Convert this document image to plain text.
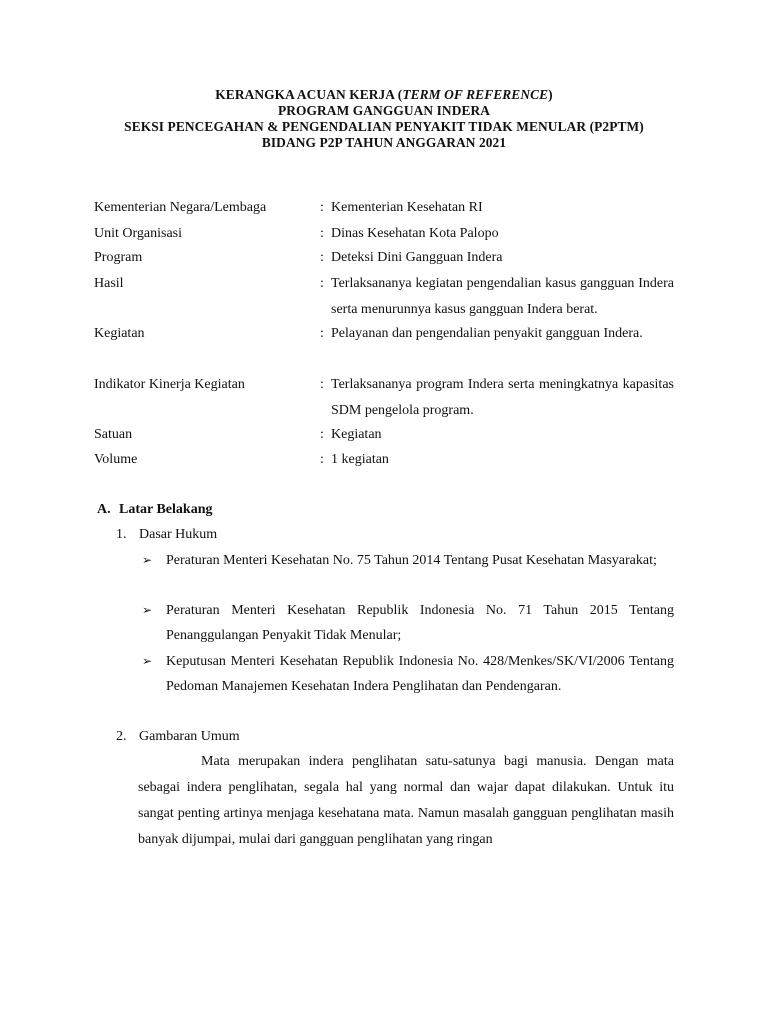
KERANGKA ACUAN KERJA (TERM OF REFERENCE)
PROGRAM GANGGUAN INDERA
SEKSI PENCEGAHAN & PENGENDALIAN PENYAKIT TIDAK MENULAR (P2PTM)
BIDANG P2P TAHUN ANGGARAN 2021
Kementerian Negara/Lembaga	: Kementerian Kesehatan RI
Unit Organisasi	: Dinas Kesehatan Kota Palopo
Program	: Deteksi Dini Gangguan Indera
Hasil	: Terlaksananya kegiatan pengendalian kasus gangguan Indera serta menurunnya kasus gangguan Indera berat.
Kegiatan	: Pelayanan dan pengendalian penyakit gangguan Indera.
Indikator Kinerja Kegiatan	: Terlaksananya program Indera serta meningkatnya kapasitas SDM pengelola program.
Satuan	: Kegiatan
Volume	: 1 kegiatan
A. Latar Belakang
1. Dasar Hukum
➢ Peraturan Menteri Kesehatan No. 75 Tahun 2014 Tentang Pusat Kesehatan Masyarakat;
➢ Peraturan Menteri Kesehatan Republik Indonesia No. 71 Tahun 2015 Tentang Penanggulangan Penyakit Tidak Menular;
➢ Keputusan Menteri Kesehatan Republik Indonesia No. 428/Menkes/SK/VI/2006 Tentang Pedoman Manajemen Kesehatan Indera Penglihatan dan Pendengaran.
2. Gambaran Umum
Mata merupakan indera penglihatan satu-satunya bagi manusia. Dengan mata sebagai indera penglihatan, segala hal yang normal dan wajar dapat dilakukan. Untuk itu sangat penting artinya menjaga kesehatana mata. Namun masalah gangguan penglihatan masih banyak dijumpai, mulai dari gangguan penglihatan yang ringan
